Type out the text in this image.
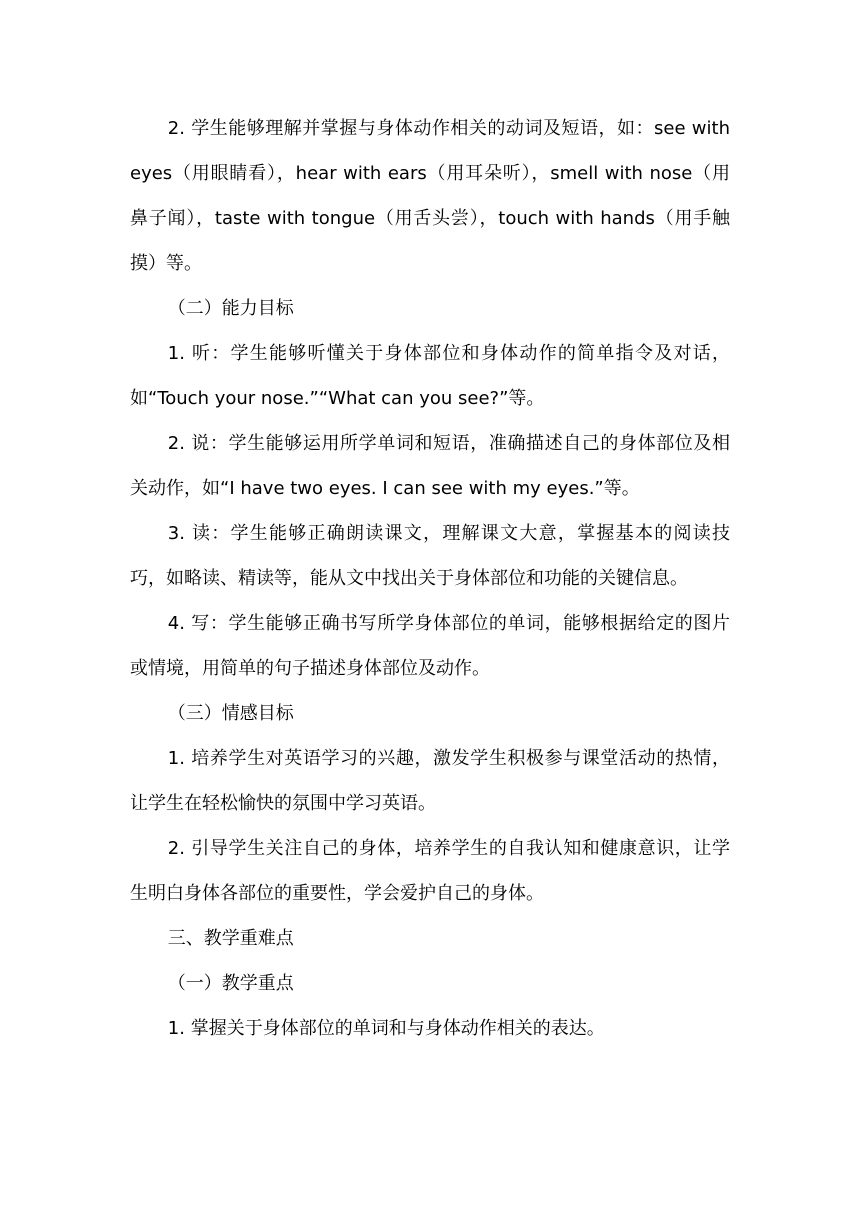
2. 学生能够理解并掌握与身体动作相关的动词及短语，如：see with eyes（用眼睛看），hear with ears（用耳朵听），smell with nose（用鼻子闻），taste with tongue（用舌头尝），touch with hands（用手触摸）等。

（二）能力目标

1. 听：学生能够听懂关于身体部位和身体动作的简单指令及对话，如“Touch your nose.”“What can you see?”等。

2. 说：学生能够运用所学单词和短语，准确描述自己的身体部位及相关动作，如“I have two eyes. I can see with my eyes.”等。

3. 读：学生能够正确朗读课文，理解课文大意，掌握基本的阅读技巧，如略读、精读等，能从文中找出关于身体部位和功能的关键信息。

4. 写：学生能够正确书写所学身体部位的单词，能够根据给定的图片或情境，用简单的句子描述身体部位及动作。

（三）情感目标

1. 培养学生对英语学习的兴趣，激发学生积极参与课堂活动的热情，让学生在轻松愉快的氛围中学习英语。

2. 引导学生关注自己的身体，培养学生的自我认知和健康意识，让学生明白身体各部位的重要性，学会爱护自己的身体。

三、教学重难点

（一）教学重点

1. 掌握关于身体部位的单词和与身体动作相关的表达。
